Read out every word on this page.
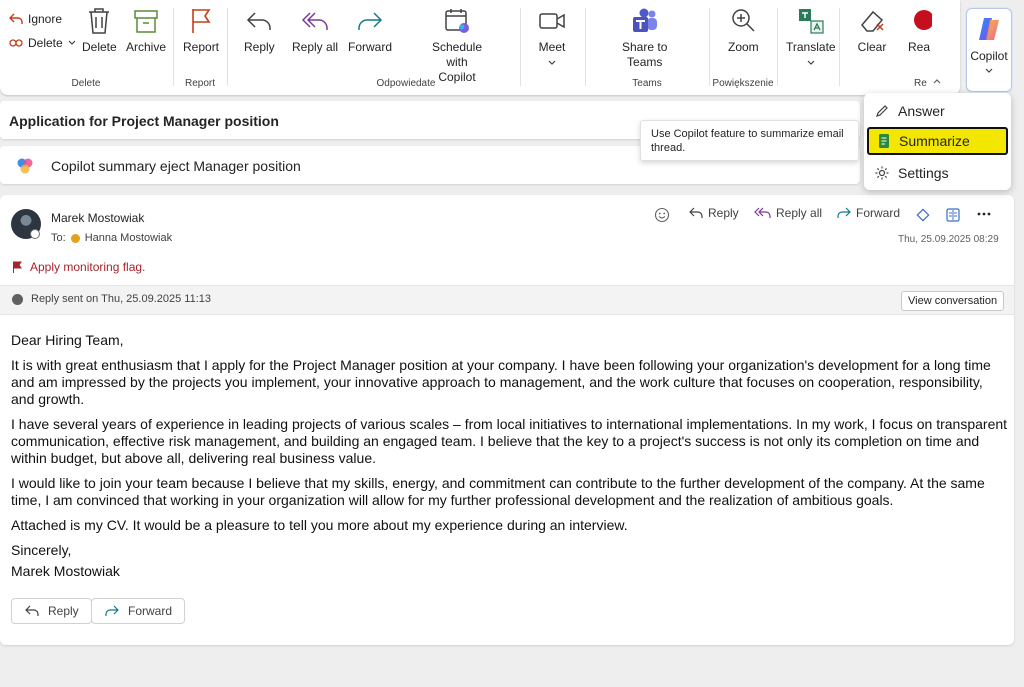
Ignore
Delete Delete Archive
Delete
Report
Report
Reply Reply all Forward	Schedule with
Copilot
Meet
Odpowiedate
Share to
Teams
Teams
Zoom
Powiększenie
Translate Clear Rea
Re
Copilot
Application for Project Manager position
Copilot summary eject Manager position
Marek Mostowiak
To: Hanna Mostowiak
Reply	Reply all	Forward
Thu, 25.09.2025 08:29
Apply monitoring flag.
Reply sent on Thu, 25.09.2025 11:13	View conversation

Dear Hiring Team,

It is with great enthusiasm that I apply for the Project Manager position at your company. I have been following your organization's development for a long time and am impressed by the projects you implement, your innovative approach to management, and the work culture that focuses on cooperation, responsibility, and growth.

I have several years of experience in leading projects of various scales – from local initiatives to international implementations. In my work, I focus on transparent communication, effective risk management, and building an engaged team. I believe that the key to a project's success is not only its completion on time and within budget, but above all, delivering real business value.

I would like to join your team because I believe that my skills, energy, and commitment can contribute to the further development of the company. At the same time, I am convinced that working in your organization will allow for my further professional development and the realization of ambitious goals.

Attached is my CV. It would be a pleasure to tell you more about my experience during an interview.

Sincerely,

Marek Mostowiak

Reply	Forward
Answer
Summarize
Settings
Use Copilot feature to summarize email thread.
